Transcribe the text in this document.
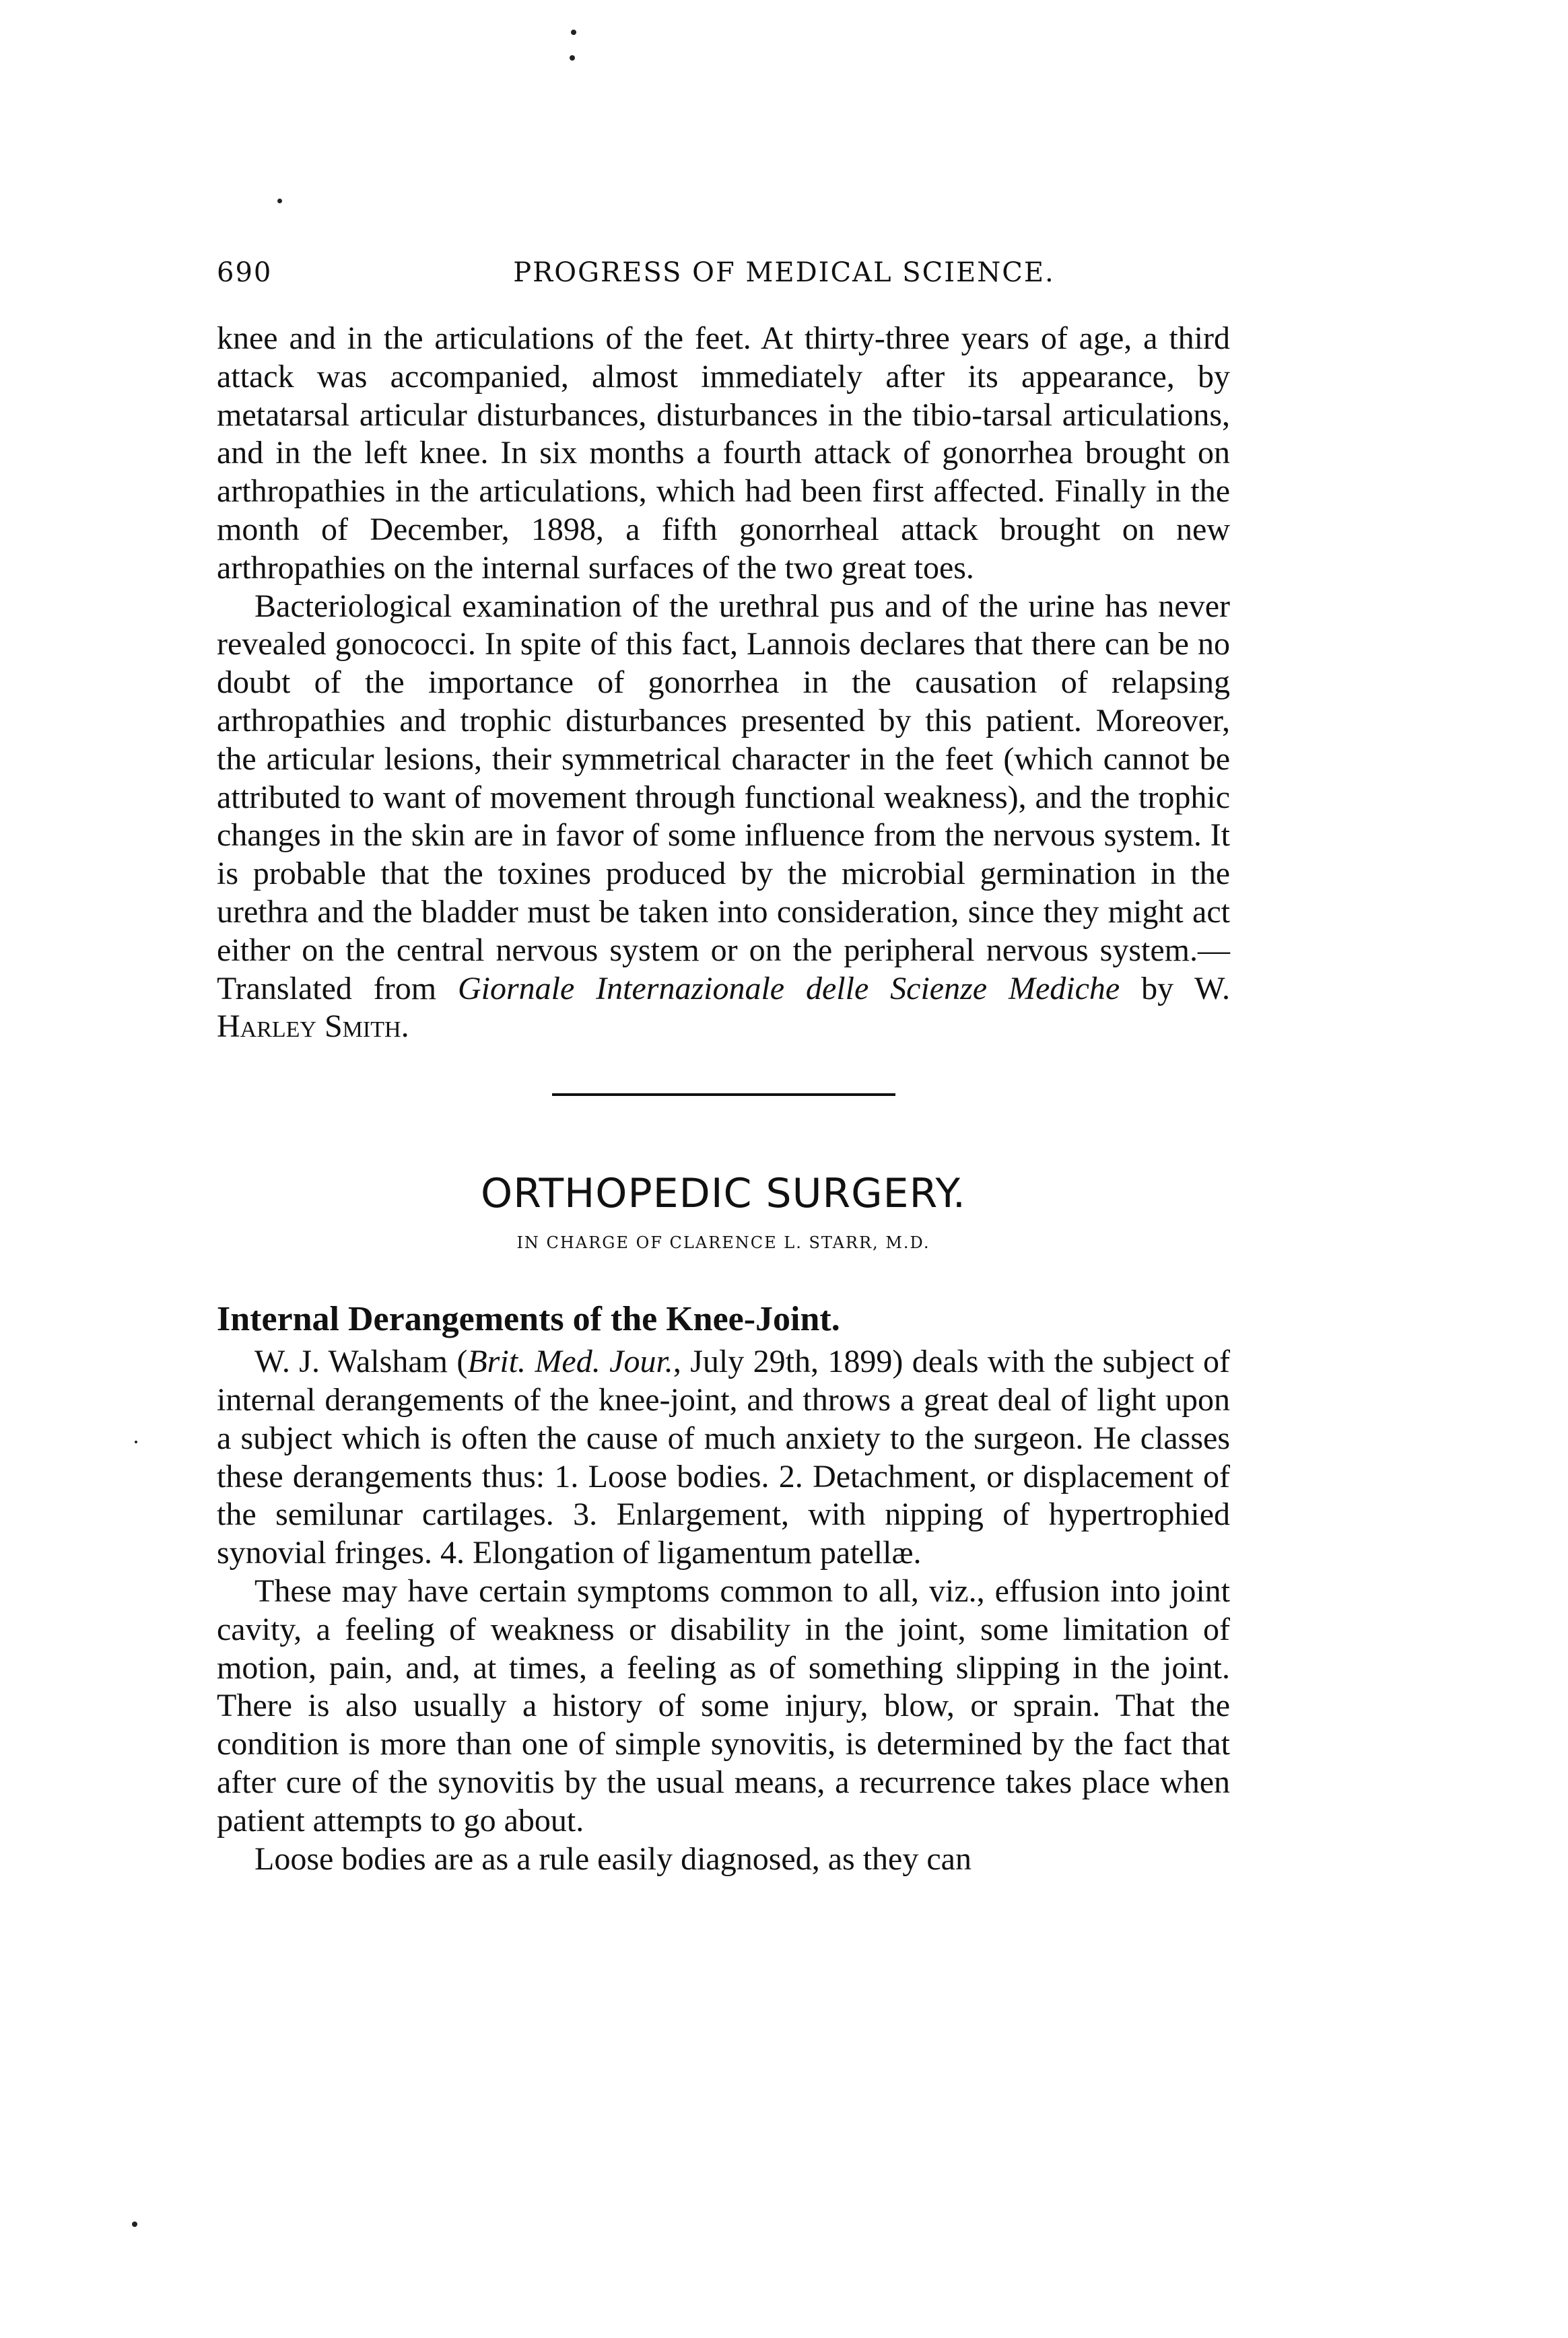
690	PROGRESS OF MEDICAL SCIENCE.

knee and in the articulations of the feet. At thirty-three years of age, a third attack was accompanied, almost immediately after its appearance, by metatarsal articular disturbances, disturbances in the tibio-tarsal articulations, and in the left knee. In six months a fourth attack of gonorrhea brought on arthropathies in the articulations, which had been first affected. Finally in the month of December, 1898, a fifth gonorrheal attack brought on new arthropathies on the internal surfaces of the two great toes.

Bacteriological examination of the urethral pus and of the urine has never revealed gonococci. In spite of this fact, Lannois declares that there can be no doubt of the importance of gonorrhea in the causation of relapsing arthropathies and trophic disturbances presented by this patient. Moreover, the articular lesions, their symmetrical character in the feet (which cannot be attributed to want of movement through functional weakness), and the trophic changes in the skin are in favor of some influence from the nervous system. It is probable that the toxines produced by the microbial germination in the urethra and the bladder must be taken into consideration, since they might act either on the central nervous system or on the peripheral nervous system.—Translated from Giornale Internazionale delle Scienze Mediche by W. Harley Smith.

ORTHOPEDIC SURGERY.
IN CHARGE OF CLARENCE L. STARR, M.D.
Internal Derangements of the Knee-Joint.

W. J. Walsham (Brit. Med. Jour., July 29th, 1899) deals with the subject of internal derangements of the knee-joint, and throws a great deal of light upon a subject which is often the cause of much anxiety to the surgeon. He classes these derangements thus: 1. Loose bodies. 2. Detachment, or displacement of the semilunar cartilages. 3. Enlargement, with nipping of hypertrophied synovial fringes. 4. Elongation of ligamentum patellæ.

These may have certain symptoms common to all, viz., effusion into joint cavity, a feeling of weakness or disability in the joint, some limitation of motion, pain, and, at times, a feeling as of something slipping in the joint. There is also usually a history of some injury, blow, or sprain. That the condition is more than one of simple synovitis, is determined by the fact that after cure of the synovitis by the usual means, a recurrence takes place when patient attempts to go about.

Loose bodies are as a rule easily diagnosed, as they can
